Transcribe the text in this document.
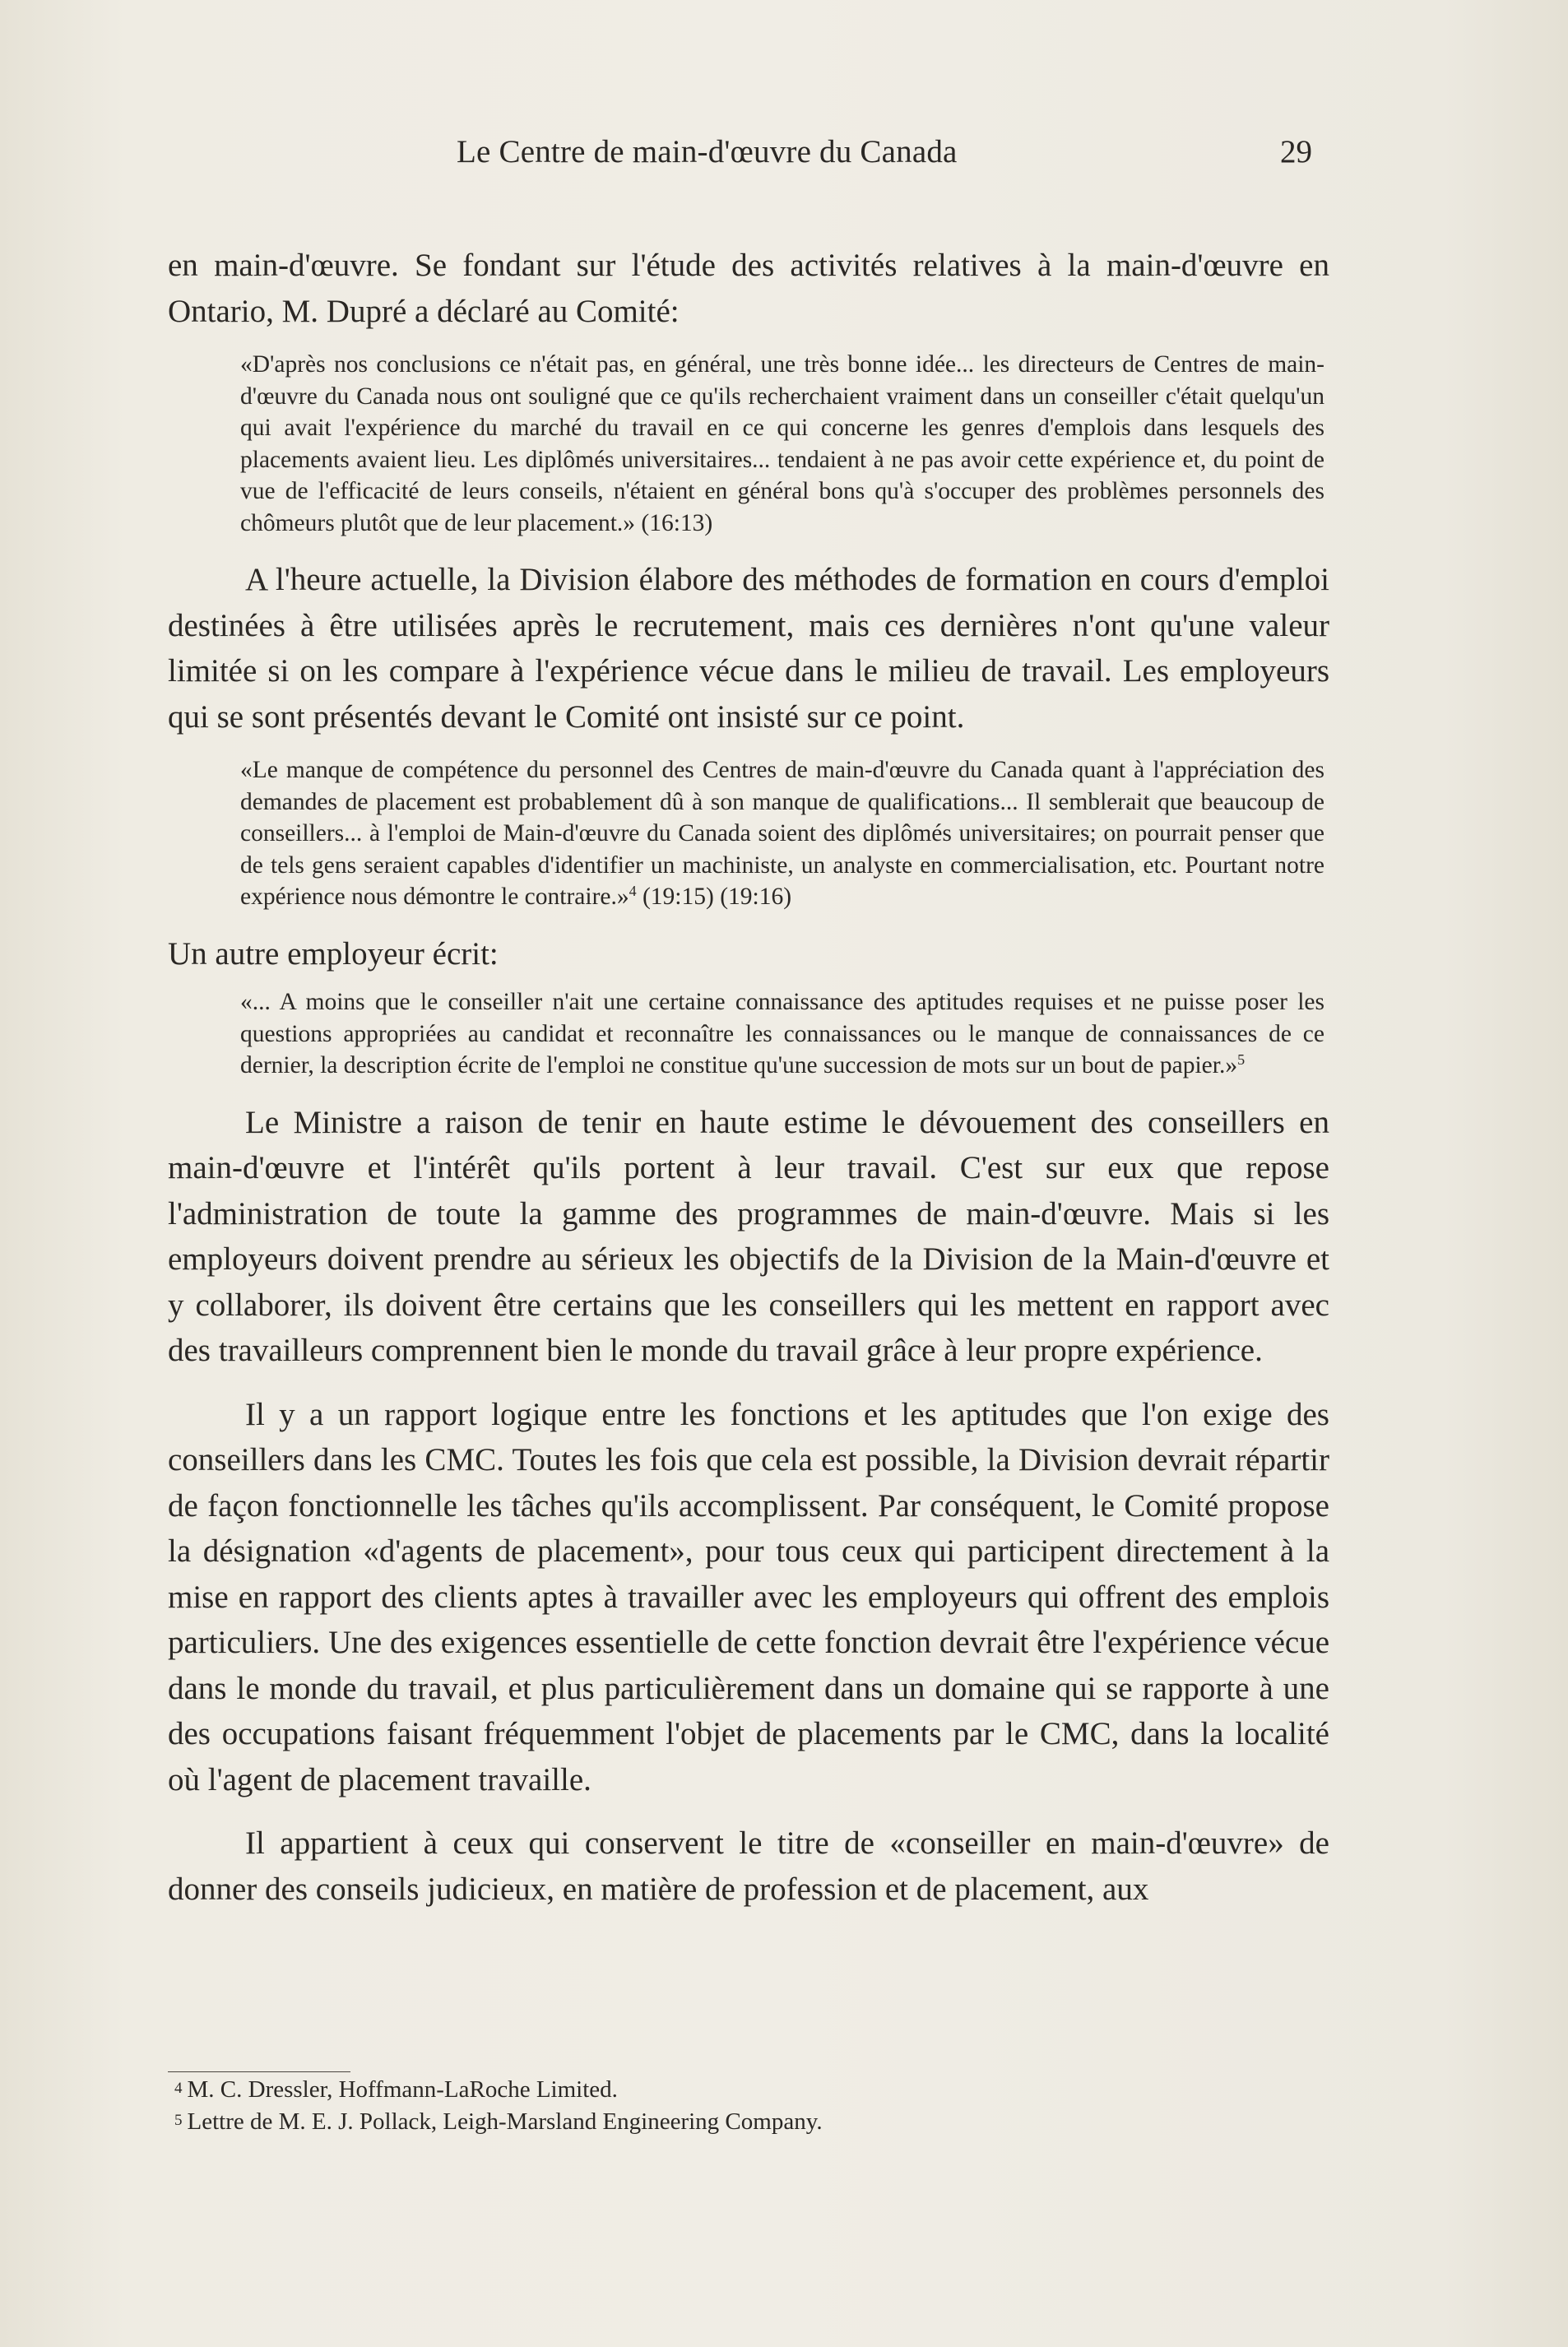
Le Centre de main-d'œuvre du Canada	29

en main-d'œuvre. Se fondant sur l'étude des activités relatives à la main-d'œuvre en Ontario, M. Dupré a déclaré au Comité:

«D'après nos conclusions ce n'était pas, en général, une très bonne idée... les directeurs de Centres de main-d'œuvre du Canada nous ont souligné que ce qu'ils recherchaient vraiment dans un conseiller c'était quelqu'un qui avait l'expérience du marché du travail en ce qui concerne les genres d'emplois dans lesquels des placements avaient lieu. Les diplômés universitaires... tendaient à ne pas avoir cette expérience et, du point de vue de l'efficacité de leurs conseils, n'étaient en général bons qu'à s'occuper des problèmes personnels des chômeurs plutôt que de leur placement.» (16:13)

A l'heure actuelle, la Division élabore des méthodes de formation en cours d'emploi destinées à être utilisées après le recrutement, mais ces dernières n'ont qu'une valeur limitée si on les compare à l'expérience vécue dans le milieu de travail. Les employeurs qui se sont présentés devant le Comité ont insisté sur ce point.

«Le manque de compétence du personnel des Centres de main-d'œuvre du Canada quant à l'appréciation des demandes de placement est probablement dû à son manque de qualifications... Il semblerait que beaucoup de conseillers... à l'emploi de Main-d'œuvre du Canada soient des diplômés universitaires; on pourrait penser que de tels gens seraient capables d'identifier un machiniste, un analyste en commercialisation, etc. Pourtant notre expérience nous démontre le contraire.»$^4$ (19:15) (19:16)

Un autre employeur écrit:

«... A moins que le conseiller n'ait une certaine connaissance des aptitudes requises et ne puisse poser les questions appropriées au candidat et reconnaître les connaissances ou le manque de connaissances de ce dernier, la description écrite de l'emploi ne constitue qu'une succession de mots sur un bout de papier.»$^5$

Le Ministre a raison de tenir en haute estime le dévouement des conseillers en main-d'œuvre et l'intérêt qu'ils portent à leur travail. C'est sur eux que repose l'administration de toute la gamme des programmes de main-d'œuvre. Mais si les employeurs doivent prendre au sérieux les objectifs de la Division de la Main-d'œuvre et y collaborer, ils doivent être certains que les conseillers qui les mettent en rapport avec des travailleurs comprennent bien le monde du travail grâce à leur propre expérience.

Il y a un rapport logique entre les fonctions et les aptitudes que l'on exige des conseillers dans les CMC. Toutes les fois que cela est possible, la Division devrait répartir de façon fonctionnelle les tâches qu'ils accomplissent. Par conséquent, le Comité propose la désignation «d'agents de placement», pour tous ceux qui participent directement à la mise en rapport des clients aptes à travailler avec les employeurs qui offrent des emplois particuliers. Une des exigences essentielle de cette fonction devrait être l'expérience vécue dans le monde du travail, et plus particulièrement dans un domaine qui se rapporte à une des occupations faisant fréquemment l'objet de placements par le CMC, dans la localité où l'agent de placement travaille.

Il appartient à ceux qui conservent le titre de «conseiller en main-d'œuvre» de donner des conseils judicieux, en matière de profession et de placement, aux

4 M. C. Dressler, Hoffmann-LaRoche Limited.
5 Lettre de M. E. J. Pollack, Leigh-Marsland Engineering Company.
